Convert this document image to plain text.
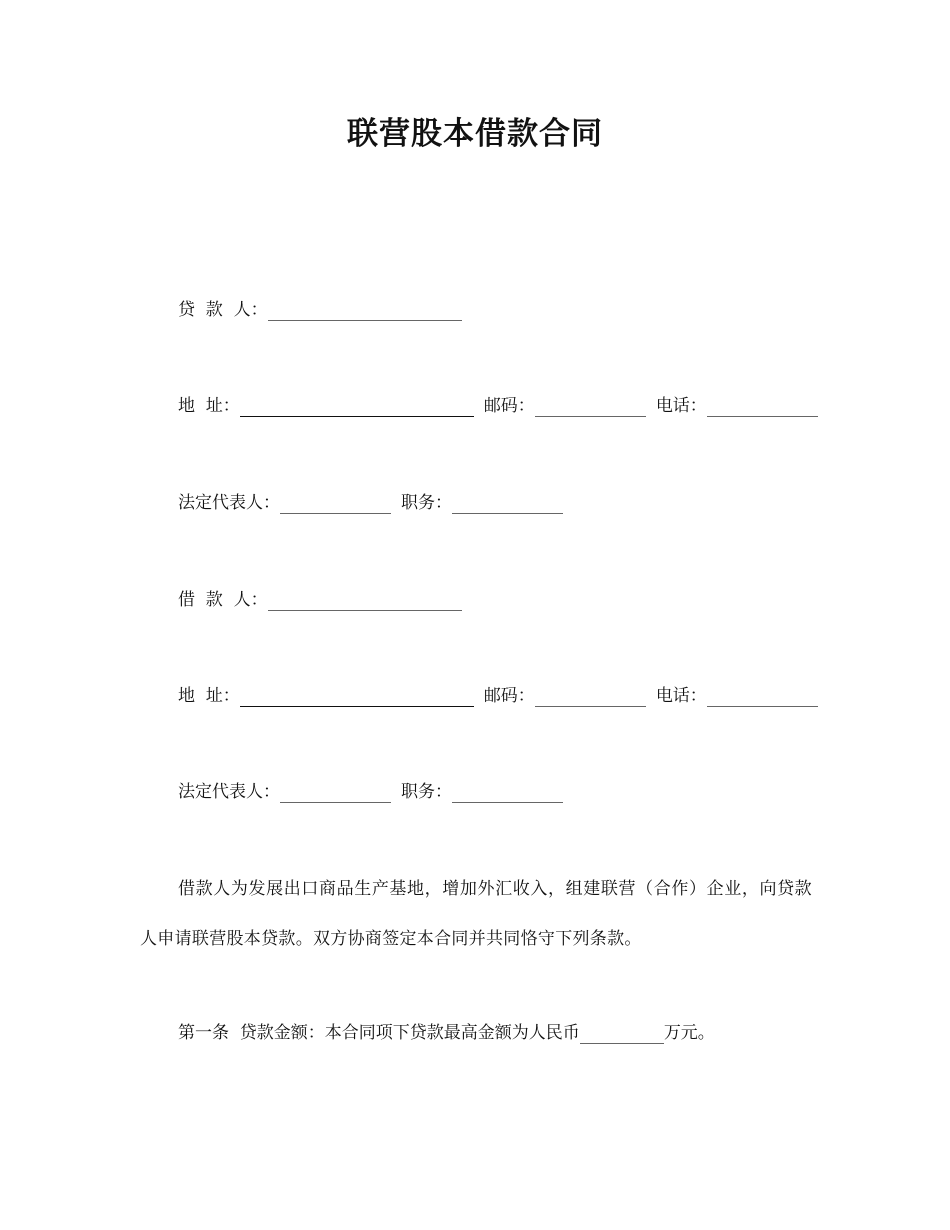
联营股本借款合同
贷  款  人：
地  址：	邮码：	电话：
法定代表人：	职务：
借  款  人：
地  址：	邮码：	电话：
法定代表人：	职务：
借款人为发展出口商品生产基地，增加外汇收入，组建联营（合作）企业，向贷款人申请联营股本贷款。双方协商签定本合同并共同恪守下列条款。
第一条  贷款金额：本合同项下贷款最高金额为人民币	万元。
